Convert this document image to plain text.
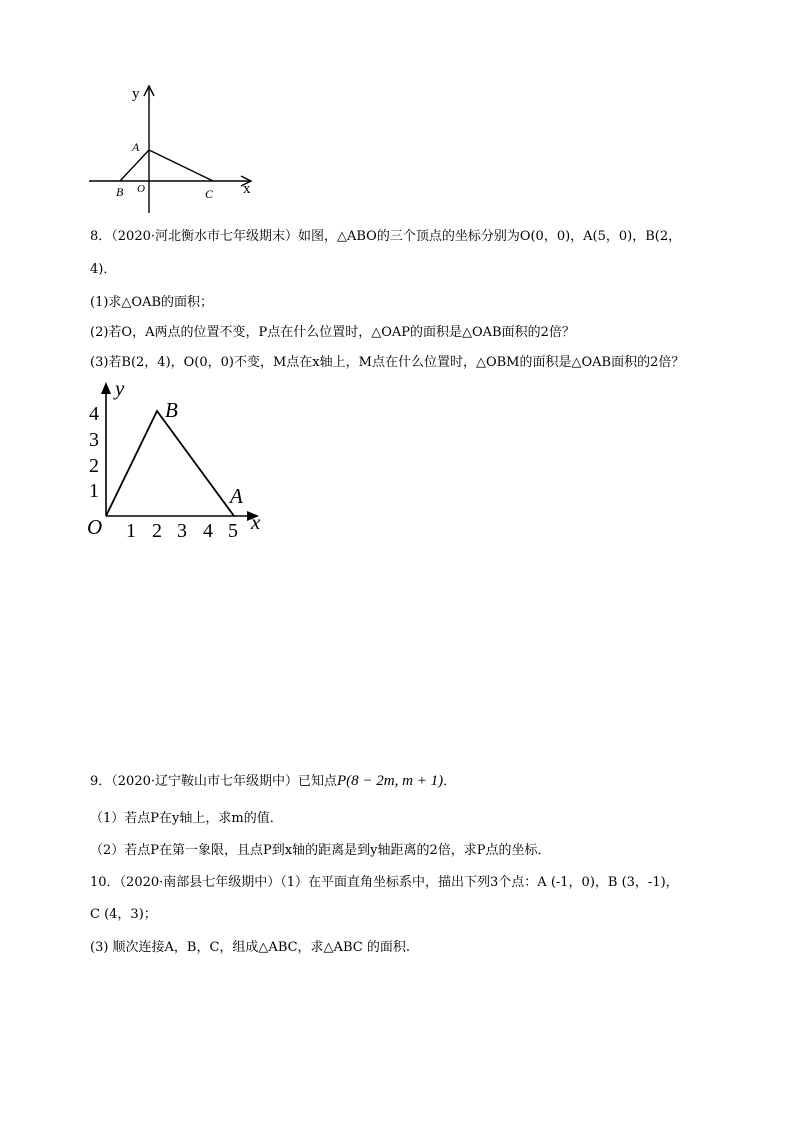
y
x
A
B O	C
8．（2020·河北衡水市七年级期末）如图，△ABO的三个顶点的坐标分别为O(0，0)，A(5，0)，B(2，
4)．
(1)求△OAB的面积；
(2)若O，A两点的位置不变，P点在什么位置时，△OAP的面积是△OAB面积的2倍？
(3)若B(2，4)，O(0，0)不变，M点在x轴上，M点在什么位置时，△OBM的面积是△OAB面积的2倍？
y
x
O
B
A
1
2
3
4
1 2 3 4 5
9．（2020·辽宁鞍山市七年级期中）已知点P(8 − 2m, m + 1)．
（1）若点P在y轴上，求m的值．
（2）若点P在第一象限，且点P到x轴的距离是到y轴距离的2倍，求P点的坐标．
10．（2020·南部县七年级期中）（1）在平面直角坐标系中，描出下列3个点：A (-1，0)，B (3，-1)，
C (4，3)；
(3) 顺次连接A，B，C，组成△ABC，求△ABC 的面积.
